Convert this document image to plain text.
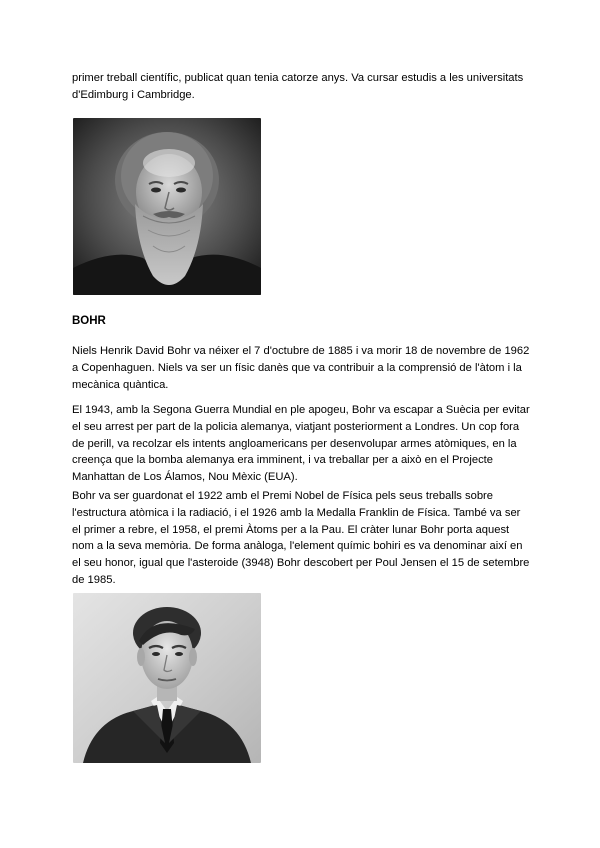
primer treball científic, publicat quan tenia catorze anys. Va cursar estudis a les universitats d'Edimburg i Cambridge.

BOHR

Niels Henrik David Bohr va néixer el 7 d'octubre de 1885 i va morir 18 de novembre de 1962 a Copenhaguen. Niels va ser un físic danès que va contribuir a la comprensió de l'àtom i la mecànica quàntica.

El 1943, amb la Segona Guerra Mundial en ple apogeu, Bohr va escapar a Suècia per evitar el seu arrest per part de la policia alemanya, viatjant posteriorment a Londres. Un cop fora de perill, va recolzar els intents angloamericans per desenvolupar armes atòmiques, en la creença que la bomba alemanya era imminent, i va treballar per a això en el Projecte Manhattan de Los Álamos, Nou Mèxic (EUA).

Bohr va ser guardonat el 1922 amb el Premi Nobel de Física pels seus treballs sobre l'estructura atòmica i la radiació, i el 1926 amb la Medalla Franklin de Física. També va ser el primer a rebre, el 1958, el premi Àtoms per a la Pau. El cràter lunar Bohr porta aquest nom a la seva memòria. De forma anàloga, l'element químic bohiri es va denominar així en el seu honor, igual que l'asteroide (3948) Bohr descobert per Poul Jensen el 15 de setembre de 1985.
